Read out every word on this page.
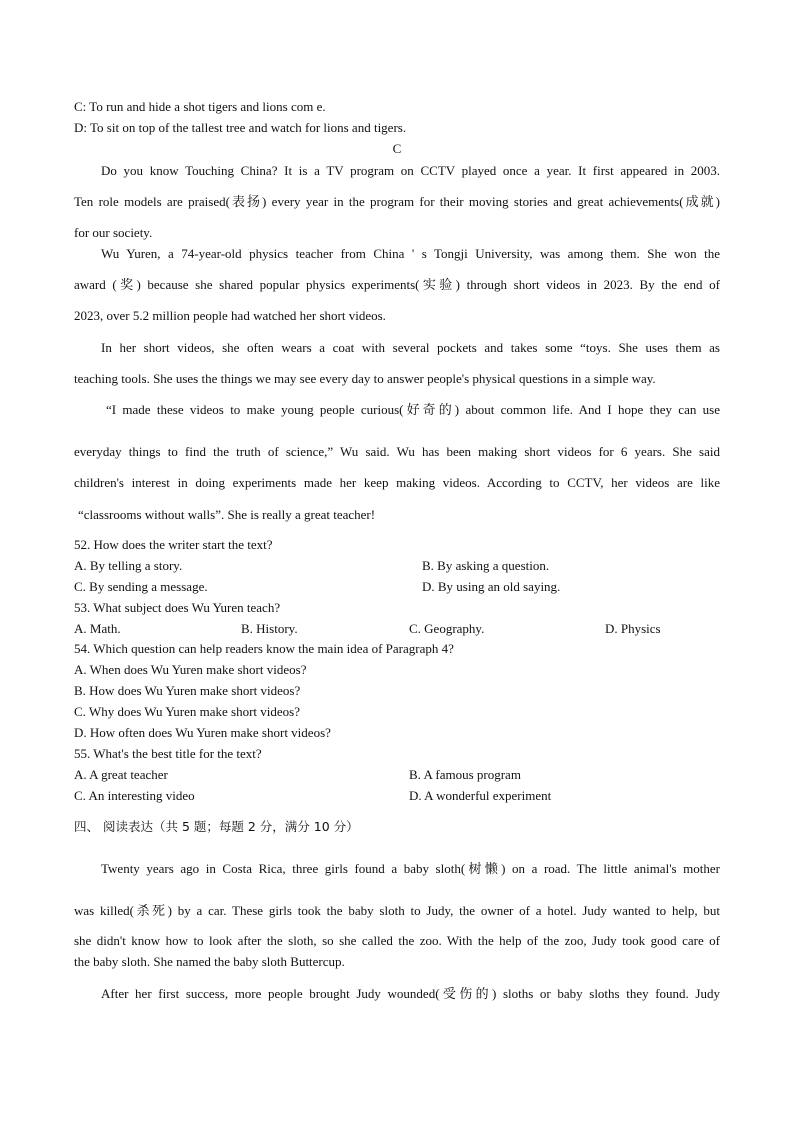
C: To run and hide a shot tigers and lions com e.
D: To sit on top of the tallest tree and watch for lions and tigers.
C
Do you know Touching China? It is a TV program on CCTV played once a year. It first appeared in 2003.
Ten role models are praised(表扬) every year in the program for their moving stories and great achievements(成就)
for our society.
Wu Yuren, a 74-year-old physics teacher from China ' s Tongji University, was among them. She won the
award (奖) because she shared popular physics experiments(实验) through short videos in 2023. By the end of
2023, over 5.2 million people had watched her short videos.
In her short videos, she often wears a coat with several pockets and takes some “toys. She uses them as
teaching tools. She uses the things we may see every day to answer people's physical questions in a simple way.
“I made these videos to make young people curious(好奇的) about common life. And I hope they can use
everyday things to find the truth of science,” Wu said. Wu has been making short videos for 6 years. She said
children's interest in doing experiments made her keep making videos. According to CCTV, her videos are like
“classrooms without walls”. She is really a great teacher!
52. How does the writer start the text?
A. By telling a story.	B. By asking a question.
C. By sending a message.	D. By using an old saying.
53. What subject does Wu Yuren teach?
A. Math.	B. History.	C. Geography.	D. Physics
54. Which question can help readers know the main idea of Paragraph 4?
A. When does Wu Yuren make short videos?
B. How does Wu Yuren make short videos?
C. Why does Wu Yuren make short videos?
D. How often does Wu Yuren make short videos?
55. What's the best title for the text?
A. A great teacher	B. A famous program
C. An interesting video	D. A wonderful experiment
四、 阅读表达（共 5 题；每题 2 分，满分 10 分）
Twenty years ago in Costa Rica, three girls found a baby sloth(树懒) on a road. The little animal's mother
was killed(杀死) by a car. These girls took the baby sloth to Judy, the owner of a hotel. Judy wanted to help, but
she didn't know how to look after the sloth, so she called the zoo. With the help of the zoo, Judy took good care of
the baby sloth. She named the baby sloth Buttercup.
After her first success, more people brought Judy wounded(受伤的) sloths or baby sloths they found. Judy
